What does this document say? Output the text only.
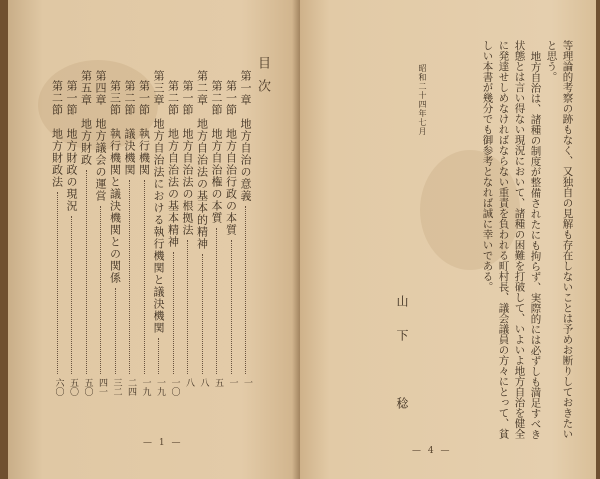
目次
第一章　地方自治の意義
一
第一節　地方自治行政の本質
一
第二節　地方自治権の本質
五
第二章　地方自治法の基本的精神
八
第一節　地方自治法の根拠法
八
第二節　地方自治法の基本精神
一〇
第三章　地方自治法における執行機関と議決機関
一九
第一節　執行機関
一九
第二節　議決機関
二四
第三節　執行機関と議決機関との関係
三二
第四章　地方議会の運営
四一
第五章　地方財政
五〇
第一節　地方財政の現況
五〇
第二節　地方財政法
六〇
— 1 —
等理論的考察の跡もなく、又独自の見解も存在しないことは予めお断りしておきたい
と思う。
地方自治は、諸種の制度が整備されたにも拘らず、実際的には必ずしも満足すべき
状態とは言い得ない現況において、諸種の困難を打破して、いよいよ地方自治を健全
に発達せしめなければならない重責を負われる町村長、議会議員の方々にとって、貧
しい本書が幾分でも御参考となれば誠に幸いである。
昭和二十四年七月
山下　稔
— 4 —
